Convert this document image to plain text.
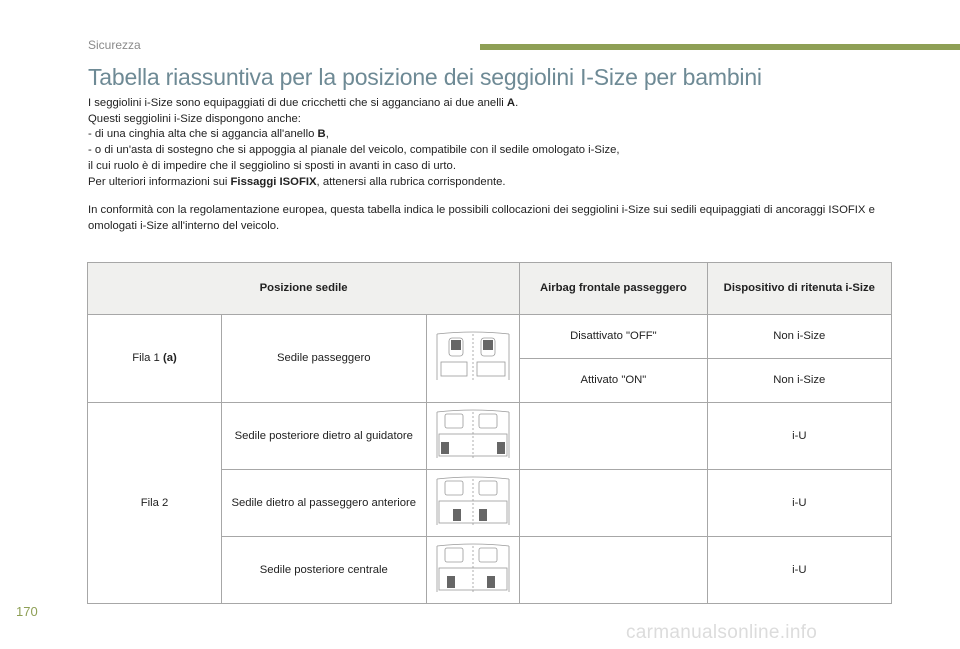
Sicurezza
Tabella riassuntiva per la posizione dei seggiolini I-Size per bambini

I seggiolini i-Size sono equipaggiati di due cricchetti che si agganciano ai due anelli A.

Questi seggiolini i-Size dispongono anche:

- di una cinghia alta che si aggancia all'anello B,

- o di un'asta di sostegno che si appoggia al pianale del veicolo, compatibile con il sedile omologato i-Size,

il cui ruolo è di impedire che il seggiolino si sposti in avanti in caso di urto.

Per ulteriori informazioni sui Fissaggi ISOFIX, attenersi alla rubrica corrispondente.

In conformità con la regolamentazione europea, questa tabella indica le possibili collocazioni dei seggiolini i-Size sui sedili equipaggiati di ancoraggi ISOFIX e omologati i-Size all'interno del veicolo.

Posizione sedile			Airbag frontale passeggero	Dispositivo di ritenuta i-Size
Fila 1 (a)	Sedile passeggero		Disattivato "OFF"	Non i-Size
			Attivato "ON"	Non i-Size
Fila 2	Sedile posteriore dietro al guidatore			i-U
	Sedile dietro al passeggero anteriore			i-U
	Sedile posteriore centrale			i-U
170
carmanualsonline.info
